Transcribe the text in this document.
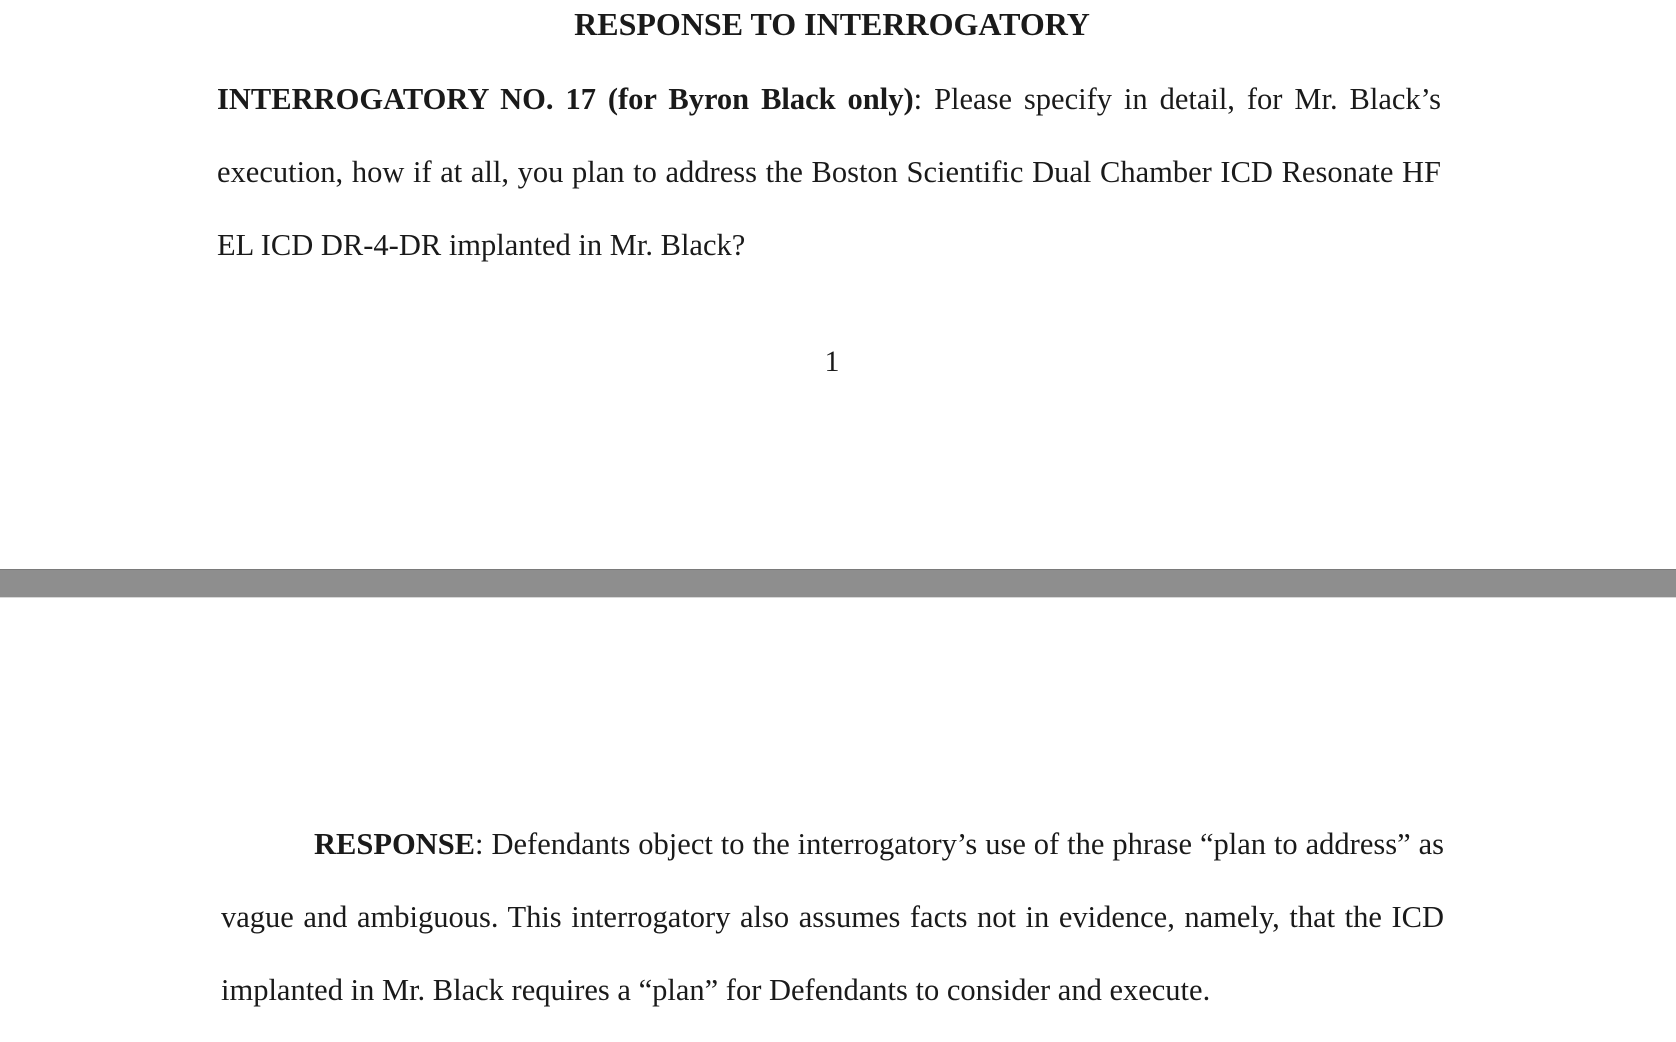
RESPONSE TO INTERROGATORY

INTERROGATORY NO. 17 (for Byron Black only): Please specify in detail, for Mr. Black’s execution, how if at all, you plan to address the Boston Scientific Dual Chamber ICD Resonate HF EL ICD DR-4-DR implanted in Mr. Black?

1

RESPONSE: Defendants object to the interrogatory’s use of the phrase “plan to address” as vague and ambiguous. This interrogatory also assumes facts not in evidence, namely, that the ICD implanted in Mr. Black requires a “plan” for Defendants to consider and execute.
